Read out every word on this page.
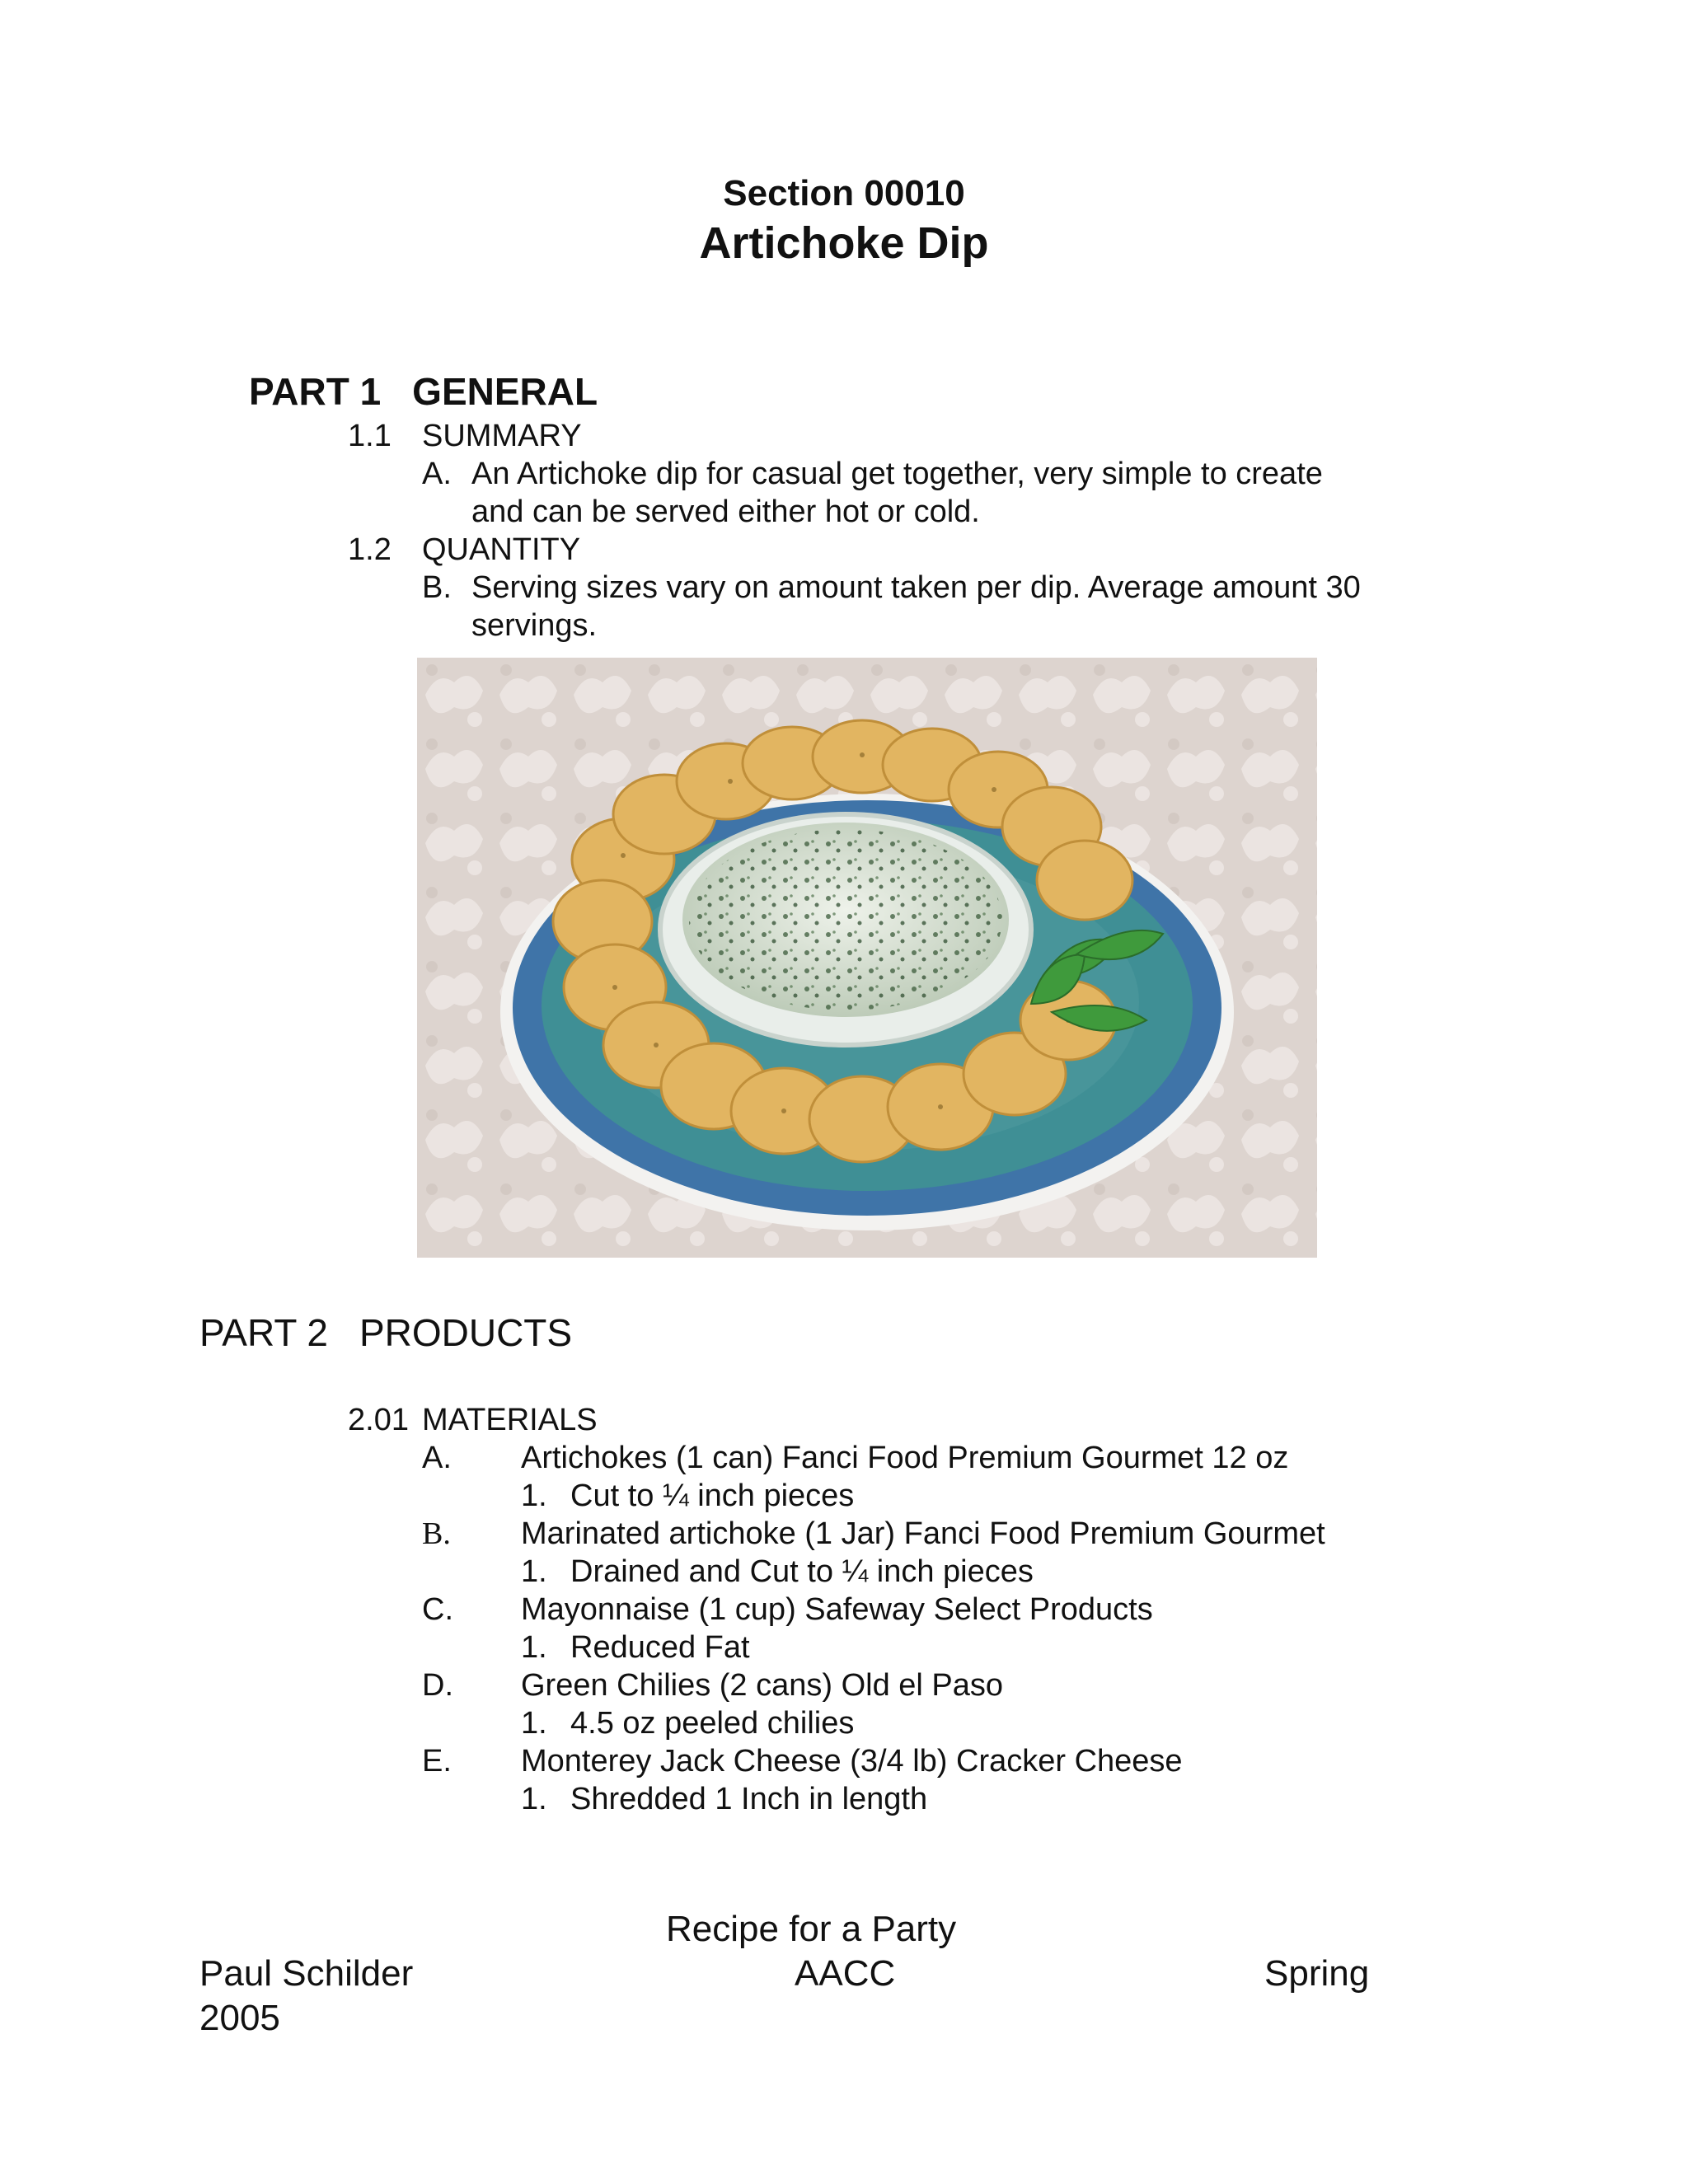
Section 00010
Artichoke Dip
PART 1 GENERAL
1.1 SUMMARY
A. An Artichoke dip for casual get together, very simple to create
and can be served either hot or cold.
1.2 QUANTITY
B. Serving sizes vary on amount taken per dip. Average amount 30
servings.
PART 2 PRODUCTS
2.01 MATERIALS
A. Artichokes (1 can) Fanci Food Premium Gourmet 12 oz
1. Cut to ¼ inch pieces
B. Marinated artichoke (1 Jar) Fanci Food Premium Gourmet
1. Drained and Cut to ¼ inch pieces
C. Mayonnaise (1 cup) Safeway Select Products
1. Reduced Fat
D. Green Chilies (2 cans) Old el Paso
1. 4.5 oz peeled chilies
E. Monterey Jack Cheese (3/4 lb) Cracker Cheese
1. Shredded 1 Inch in length
Recipe for a Party
Paul Schilder	AACC	Spring
2005
